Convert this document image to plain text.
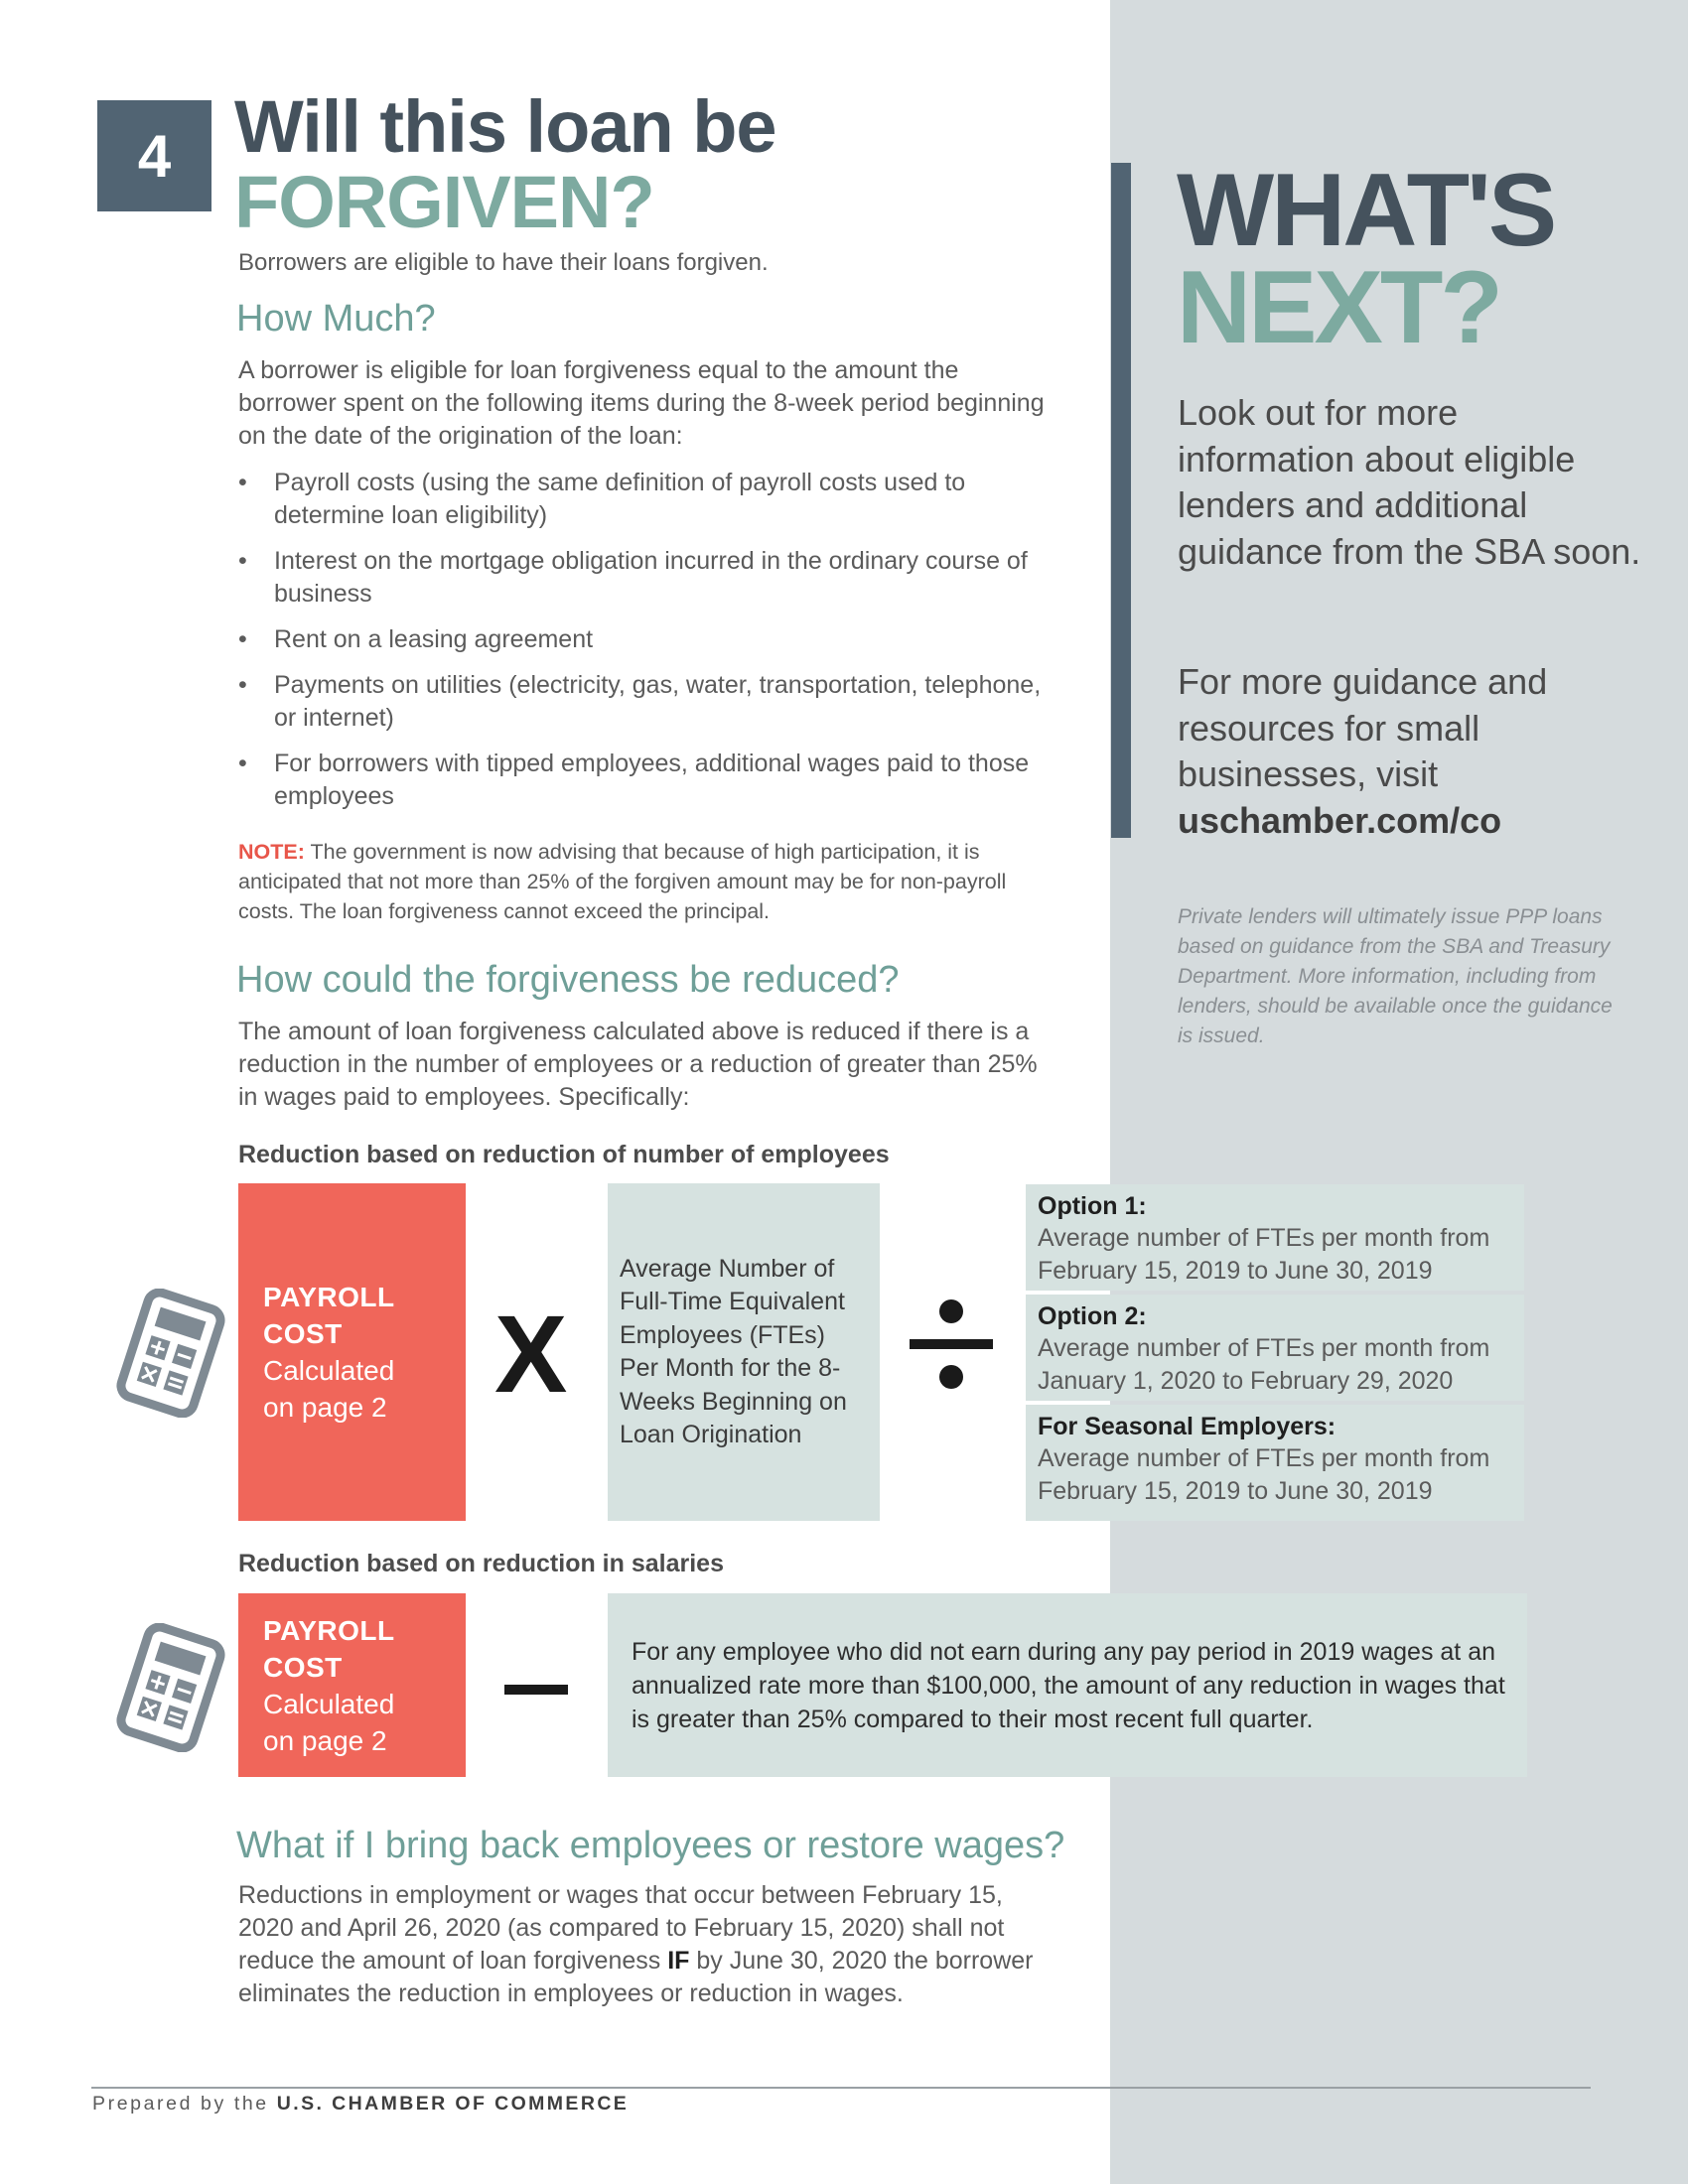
4 Will this loan be
FORGIVEN?
Borrowers are eligible to have their loans forgiven.
How Much?
A borrower is eligible for loan forgiveness equal to the amount the borrower spent on the following items during the 8-week period beginning on the date of the origination of the loan:
• Payroll costs (using the same definition of payroll costs used to determine loan eligibility)
• Interest on the mortgage obligation incurred in the ordinary course of business
• Rent on a leasing agreement
• Payments on utilities (electricity, gas, water, transportation, telephone, or internet)
• For borrowers with tipped employees, additional wages paid to those employees
NOTE: The government is now advising that because of high participation, it is anticipated that not more than 25% of the forgiven amount may be for non-payroll costs. The loan forgiveness cannot exceed the principal.
How could the forgiveness be reduced?
The amount of loan forgiveness calculated above is reduced if there is a reduction in the number of employees or a reduction of greater than 25% in wages paid to employees. Specifically:
Reduction based on reduction of number of employees
PAYROLL
COST
Calculated
on page 2 X
Average Number of Full-Time Equivalent Employees (FTEs) Per Month for the 8-Weeks Beginning on Loan Origination
Option 1:
Average number of FTEs per month from February 15, 2019 to June 30, 2019
Option 2:
Average number of FTEs per month from January 1, 2020 to February 29, 2020
For Seasonal Employers:
Average number of FTEs per month from February 15, 2019 to June 30, 2019
Reduction based on reduction in salaries
PAYROLL
COST
Calculated
on page 2
For any employee who did not earn during any pay period in 2019 wages at an annualized rate more than $100,000, the amount of any reduction in wages that is greater than 25% compared to their most recent full quarter.
What if I bring back employees or restore wages?
Reductions in employment or wages that occur between February 15, 2020 and April 26, 2020 (as compared to February 15, 2020) shall not reduce the amount of loan forgiveness IF by June 30, 2020 the borrower eliminates the reduction in employees or reduction in wages.
Prepared by the U.S. CHAMBER OF COMMERCE
WHAT'S
NEXT?
Look out for more information about eligible lenders and additional guidance from the SBA soon.
For more guidance and resources for small businesses, visit
uschamber.com/co
Private lenders will ultimately issue PPP loans based on guidance from the SBA and Treasury Department. More information, including from lenders, should be available once the guidance is issued.
